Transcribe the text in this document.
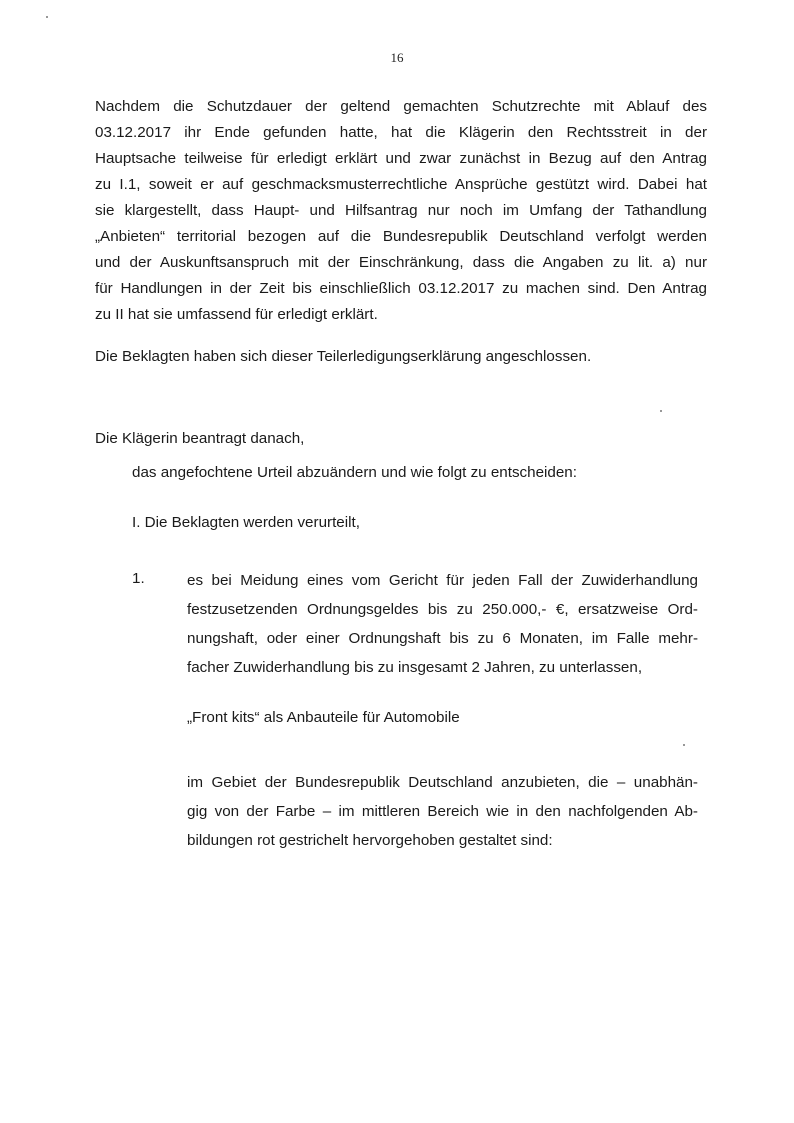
16
Nachdem die Schutzdauer der geltend gemachten Schutzrechte mit Ablauf des
03.12.2017 ihr Ende gefunden hatte, hat die Klägerin den Rechtsstreit in der
Hauptsache teilweise für erledigt erklärt und zwar zunächst in Bezug auf den Antrag
zu I.1, soweit er auf geschmacksmusterrechtliche Ansprüche gestützt wird. Dabei hat
sie klargestellt, dass Haupt- und Hilfsantrag nur noch im Umfang der Tathandlung
„Anbieten“ territorial bezogen auf die Bundesrepublik Deutschland verfolgt werden
und der Auskunftsanspruch mit der Einschränkung, dass die Angaben zu lit. a) nur
für Handlungen in der Zeit bis einschließlich 03.12.2017 zu machen sind. Den Antrag
zu II hat sie umfassend für erledigt erklärt.
Die Beklagten haben sich dieser Teilerledigungserklärung angeschlossen.
Die Klägerin beantragt danach,
das angefochtene Urteil abzuändern und wie folgt zu entscheiden:
I. Die Beklagten werden verurteilt,
1.	es bei Meidung eines vom Gericht für jeden Fall der Zuwiderhandlung
festzusetzenden Ordnungsgeldes bis zu 250.000,- €, ersatzweise Ord-
nungshaft, oder einer Ordnungshaft bis zu 6 Monaten, im Falle mehr-
facher Zuwiderhandlung bis zu insgesamt 2 Jahren, zu unterlassen,
„Front kits“ als Anbauteile für Automobile
im Gebiet der Bundesrepublik Deutschland anzubieten, die – unabhän-
gig von der Farbe – im mittleren Bereich wie in den nachfolgenden Ab-
bildungen rot gestrichelt hervorgehoben gestaltet sind:
